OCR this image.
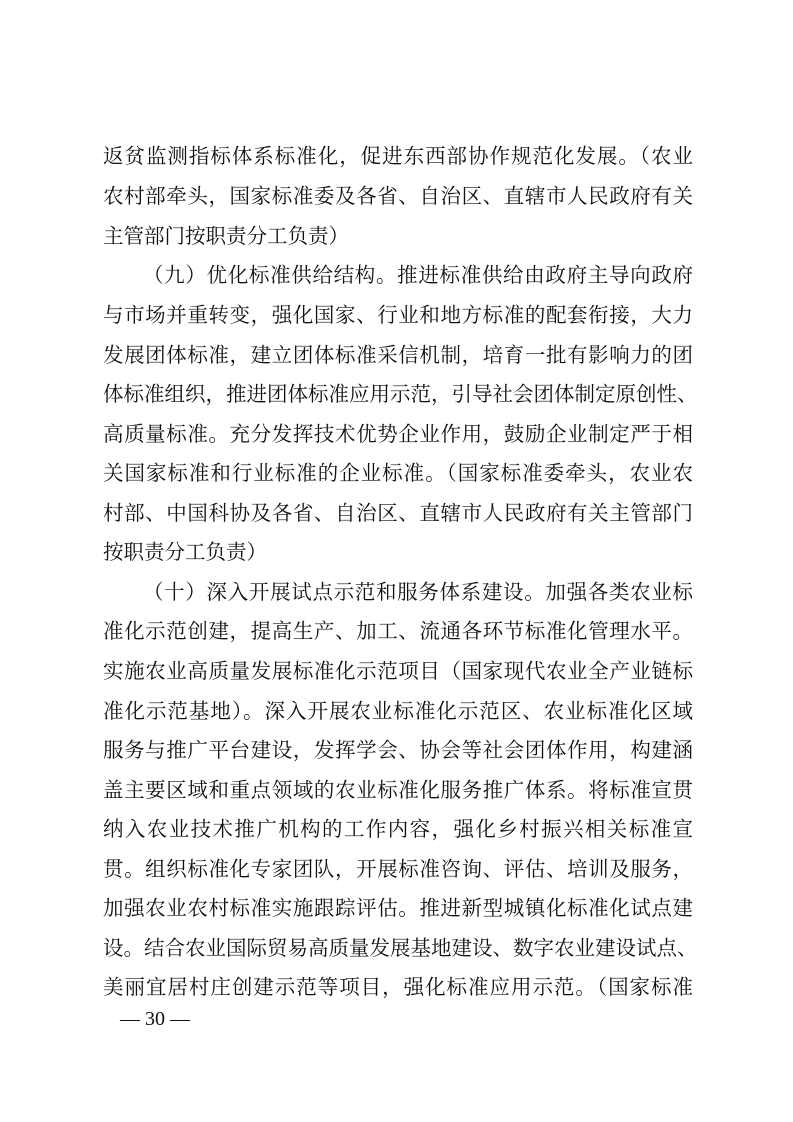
返贫监测指标体系标准化，促进东西部协作规范化发展。（农业
农村部牵头，国家标准委及各省、自治区、直辖市人民政府有关
主管部门按职责分工负责）
（九）优化标准供给结构。推进标准供给由政府主导向政府
与市场并重转变，强化国家、行业和地方标准的配套衔接，大力
发展团体标准，建立团体标准采信机制，培育一批有影响力的团
体标准组织，推进团体标准应用示范，引导社会团体制定原创性、
高质量标准。充分发挥技术优势企业作用，鼓励企业制定严于相
关国家标准和行业标准的企业标准。（国家标准委牵头，农业农
村部、中国科协及各省、自治区、直辖市人民政府有关主管部门
按职责分工负责）
（十）深入开展试点示范和服务体系建设。加强各类农业标
准化示范创建，提高生产、加工、流通各环节标准化管理水平。
实施农业高质量发展标准化示范项目（国家现代农业全产业链标
准化示范基地）。深入开展农业标准化示范区、农业标准化区域
服务与推广平台建设，发挥学会、协会等社会团体作用，构建涵
盖主要区域和重点领域的农业标准化服务推广体系。将标准宣贯
纳入农业技术推广机构的工作内容，强化乡村振兴相关标准宣
贯。组织标准化专家团队，开展标准咨询、评估、培训及服务，
加强农业农村标准实施跟踪评估。推进新型城镇化标准化试点建
设。结合农业国际贸易高质量发展基地建设、数字农业建设试点、
美丽宜居村庄创建示范等项目，强化标准应用示范。（国家标准
— 30 —
